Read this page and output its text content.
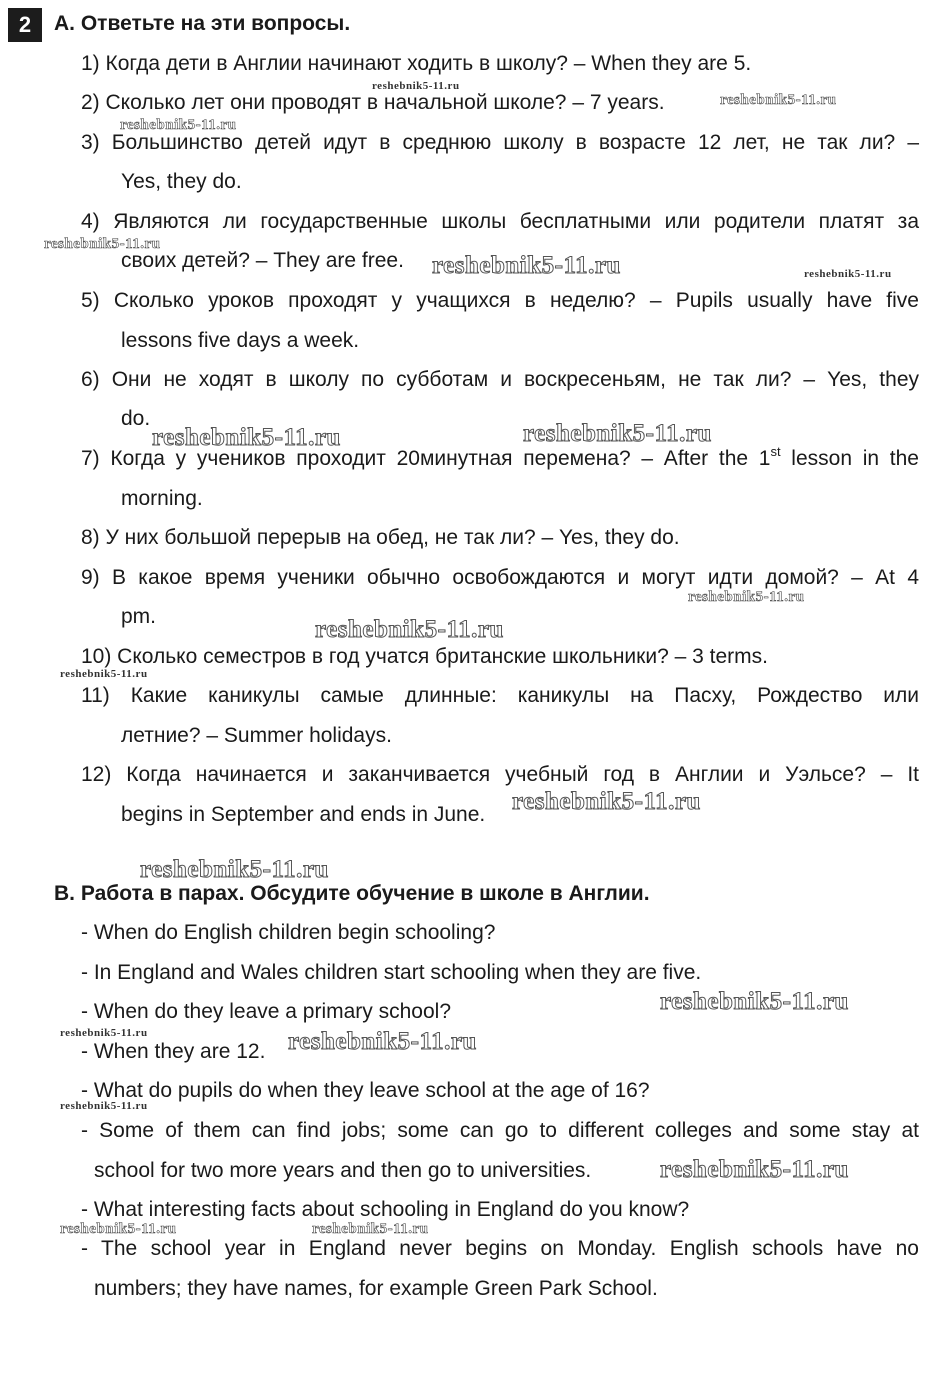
2	A. Ответьте на эти вопросы.
1) Когда дети в Англии начинают ходить в школу? – When they are 5.
2) Сколько лет они проводят в начальной школе? – 7 years.
3) Большинство детей идут в среднюю школу в возрасте 12 лет, не так ли? –
Yes, they do.
4) Являются ли государственные школы бесплатными или родители платят за
своих детей? – They are free.
5) Сколько уроков проходят у учащихся в неделю? – Pupils usually have five
lessons five days a week.
6) Они не ходят в школу по субботам и воскресеньям, не так ли? – Yes, they
do.
7) Когда у учеников проходит 20минутная перемена? – After the 1st lesson in the
morning.
8) У них большой перерыв на обед, не так ли? – Yes, they do.
9) В какое время ученики обычно освобождаются и могут идти домой? – At 4
pm.
10) Сколько семестров в год учатся британские школьники? – 3 terms.
11) Какие каникулы самые длинные: каникулы на Пасху, Рождество или
летние? – Summer holidays.
12) Когда начинается и заканчивается учебный год в Англии и Уэльсе? – It
begins in September and ends in June.
B. Работа в парах. Обсудите обучение в школе в Англии.
- When do English children begin schooling?
- In England and Wales children start schooling when they are five.
- When do they leave a primary school?
- When they are 12.
- What do pupils do when they leave school at the age of 16?
- Some of them can find jobs; some can go to different colleges and some stay at
school for two more years and then go to universities.
- What interesting facts about schooling in England do you know?
- The school year in England never begins on Monday. English schools have no
numbers; they have names, for example Green Park School.
reshebnik5-11.ru
reshebnik5-11.ru
reshebnik5-11.ru
reshebnik5-11.ru
reshebnik5-11.ru	reshebnik5-11.ru
reshebnik5-11.ru	reshebnik5-11.ru
reshebnik5-11.ru
reshebnik5-11.ru
reshebnik5-11.ru
reshebnik5-11.ru
reshebnik5-11.ru
reshebnik5-11.ru
reshebnik5-11.ru	reshebnik5-11.ru
reshebnik5-11.ru
reshebnik5-11.ru
reshebnik5-11.ru	reshebnik5-11.ru
